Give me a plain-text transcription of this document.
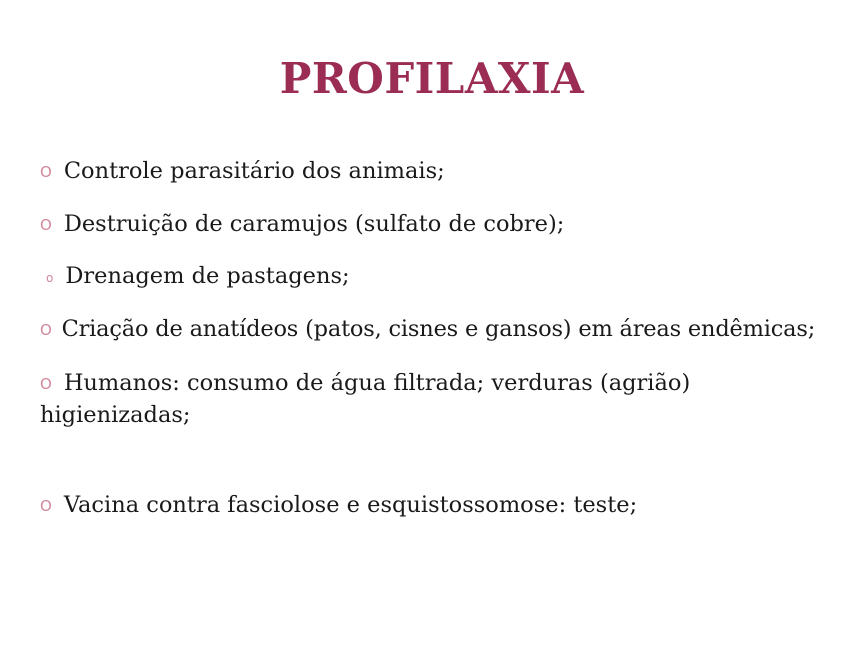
PROFILAXIA
O Controle parasitário dos animais;
O Destruição de caramujos (sulfato de cobre);
o Drenagem de pastagens;
O Criação de anatídeos (patos, cisnes e gansos) em áreas endêmicas;
O Humanos: consumo de água filtrada; verduras (agrião) higienizadas;
O Vacina contra fasciolose e esquistossomose: teste;
